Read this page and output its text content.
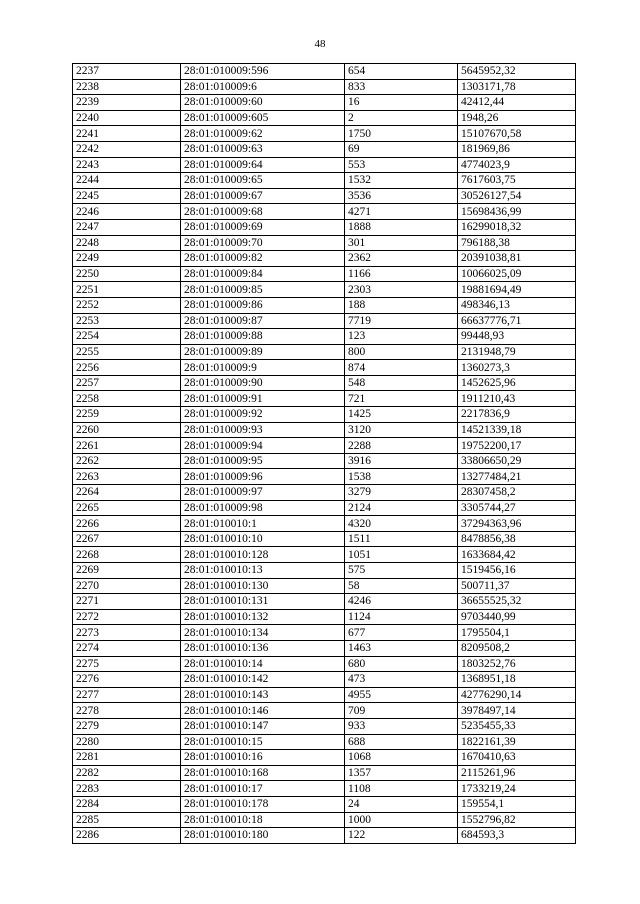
48
2237	28:01:010009:596	654	5645952,32
2238	28:01:010009:6	833	1303171,78
2239	28:01:010009:60	16	42412,44
2240	28:01:010009:605	2	1948,26
2241	28:01:010009:62	1750	15107670,58
2242	28:01:010009:63	69	181969,86
2243	28:01:010009:64	553	4774023,9
2244	28:01:010009:65	1532	7617603,75
2245	28:01:010009:67	3536	30526127,54
2246	28:01:010009:68	4271	15698436,99
2247	28:01:010009:69	1888	16299018,32
2248	28:01:010009:70	301	796188,38
2249	28:01:010009:82	2362	20391038,81
2250	28:01:010009:84	1166	10066025,09
2251	28:01:010009:85	2303	19881694,49
2252	28:01:010009:86	188	498346,13
2253	28:01:010009:87	7719	66637776,71
2254	28:01:010009:88	123	99448,93
2255	28:01:010009:89	800	2131948,79
2256	28:01:010009:9	874	1360273,3
2257	28:01:010009:90	548	1452625,96
2258	28:01:010009:91	721	1911210,43
2259	28:01:010009:92	1425	2217836,9
2260	28:01:010009:93	3120	14521339,18
2261	28:01:010009:94	2288	19752200,17
2262	28:01:010009:95	3916	33806650,29
2263	28:01:010009:96	1538	13277484,21
2264	28:01:010009:97	3279	28307458,2
2265	28:01:010009:98	2124	3305744,27
2266	28:01:010010:1	4320	37294363,96
2267	28:01:010010:10	1511	8478856,38
2268	28:01:010010:128	1051	1633684,42
2269	28:01:010010:13	575	1519456,16
2270	28:01:010010:130	58	500711,37
2271	28:01:010010:131	4246	36655525,32
2272	28:01:010010:132	1124	9703440,99
2273	28:01:010010:134	677	1795504,1
2274	28:01:010010:136	1463	8209508,2
2275	28:01:010010:14	680	1803252,76
2276	28:01:010010:142	473	1368951,18
2277	28:01:010010:143	4955	42776290,14
2278	28:01:010010:146	709	3978497,14
2279	28:01:010010:147	933	5235455,33
2280	28:01:010010:15	688	1822161,39
2281	28:01:010010:16	1068	1670410,63
2282	28:01:010010:168	1357	2115261,96
2283	28:01:010010:17	1108	1733219,24
2284	28:01:010010:178	24	159554,1
2285	28:01:010010:18	1000	1552796,82
2286	28:01:010010:180	122	684593,3
